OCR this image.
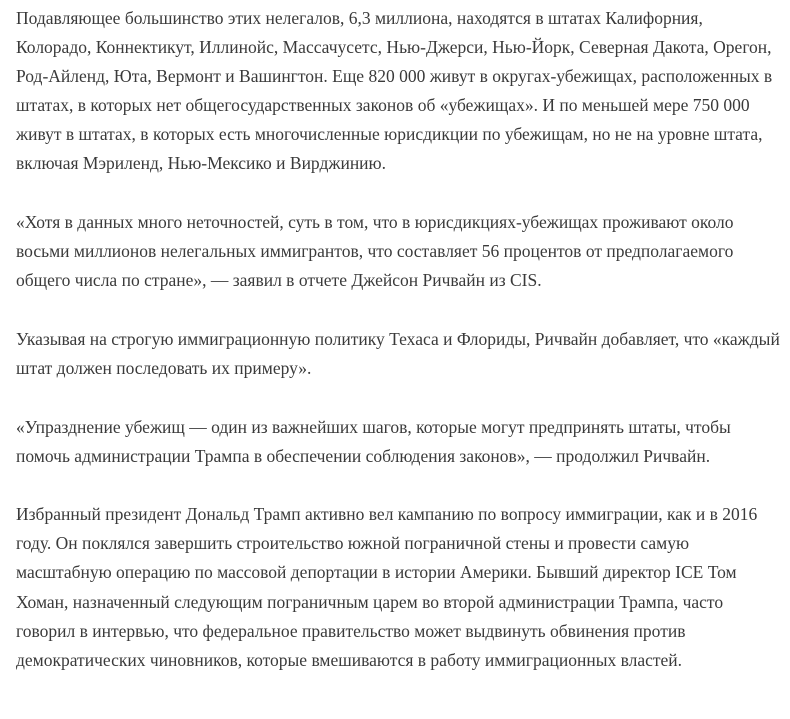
Подавляющее большинство этих нелегалов, 6,3 миллиона, находятся в штатах Калифорния, Колорадо, Коннектикут, Иллинойс, Массачусетс, Нью-Джерси, Нью-Йорк, Северная Дакота, Орегон, Род-Айленд, Юта, Вермонт и Вашингтон. Еще 820 000 живут в округах-убежищах, расположенных в штатах, в которых нет общегосударственных законов об «убежищах». И по меньшей мере 750 000 живут в штатах, в которых есть многочисленные юрисдикции по убежищам, но не на уровне штата, включая Мэриленд, Нью-Мексико и Вирджинию.

«Хотя в данных много неточностей, суть в том, что в юрисдикциях-убежищах проживают около восьми миллионов нелегальных иммигрантов, что составляет 56 процентов от предполагаемого общего числа по стране», — заявил в отчете Джейсон Ричвайн из CIS.

Указывая на строгую иммиграционную политику Техаса и Флориды, Ричвайн добавляет, что «каждый штат должен последовать их примеру».

«Упразднение убежищ — один из важнейших шагов, которые могут предпринять штаты, чтобы помочь администрации Трампа в обеспечении соблюдения законов», — продолжил Ричвайн.

Избранный президент Дональд Трамп активно вел кампанию по вопросу иммиграции, как и в 2016 году. Он поклялся завершить строительство южной пограничной стены и провести самую масштабную операцию по массовой депортации в истории Америки. Бывший директор ICE Том Хоман, назначенный следующим пограничным царем во второй администрации Трампа, часто говорил в интервью, что федеральное правительство может выдвинуть обвинения против демократических чиновников, которые вмешиваются в работу иммиграционных властей.
